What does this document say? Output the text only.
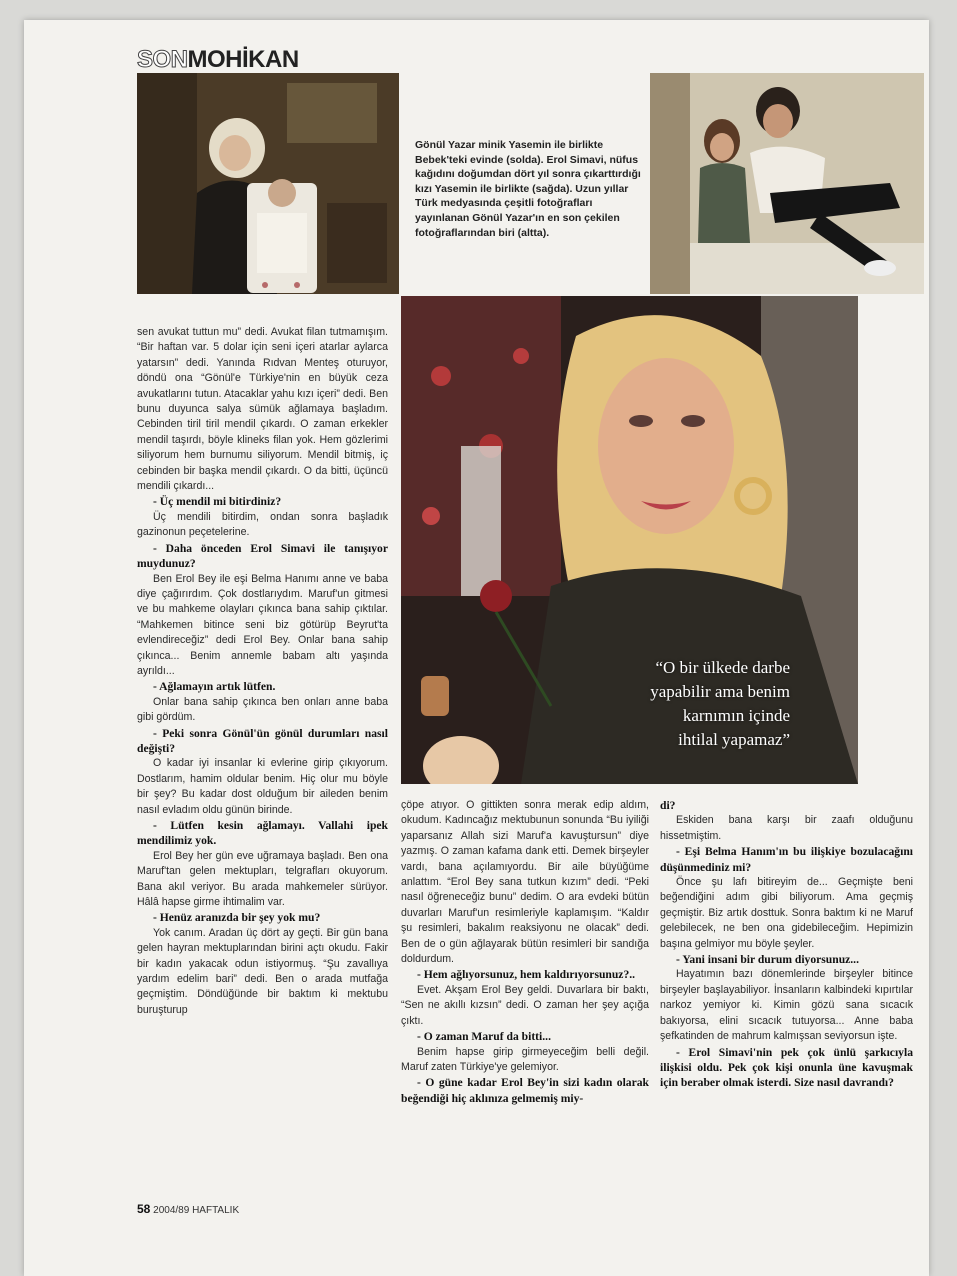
SON MOHİKAN
Gönül Yazar minik Yasemin ile birlikte Bebek'teki evinde (solda). Erol Simavi, nüfus kağıdını doğumdan dört yıl sonra çıkarttırdığı kızı Yasemin ile birlikte (sağda). Uzun yıllar Türk medyasında çeşitli fotoğrafları yayınlanan Gönül Yazar'ın en son çekilen fotoğraflarından biri (altta).
“O bir ülkede darbe
yapabilir ama benim
karnımın içinde
ihtilal yapamaz”

sen avukat tuttun mu” dedi. Avukat filan tutmamışım. “Bir haftan var. 5 dolar için seni içeri atarlar aylarca yatarsın” dedi. Yanında Rıdvan Menteş oturuyor, döndü ona “Gönül'e Türkiye'nin en büyük ceza avukatlarını tutun. Atacaklar yahu kızı içeri” dedi. Ben bunu duyunca salya sümük ağlamaya başladım. Cebinden tiril tiril mendil çıkardı. O zaman erkekler mendil taşırdı, böyle klineks filan yok. Hem gözlerimi siliyorum hem burnumu siliyorum. Mendil bitmiş, iç cebinden bir başka mendil çıkardı. O da bitti, üçüncü mendili çıkardı...

- Üç mendil mi bitirdiniz?

Üç mendili bitirdim, ondan sonra başladık gazinonun peçetelerine.

- Daha önceden Erol Simavi ile tanışıyor muydunuz?

Ben Erol Bey ile eşi Belma Hanımı anne ve baba diye çağırırdım. Çok dostlarıydım. Maruf'un gitmesi ve bu mahkeme olayları çıkınca bana sahip çıktılar. “Mahkemen bitince seni biz götürüp Beyrut'ta evlendireceğiz” dedi Erol Bey. Onlar bana sahip çıkınca... Benim annemle babam altı yaşında ayrıldı...

- Ağlamayın artık lütfen.

Onlar bana sahip çıkınca ben onları anne baba gibi gördüm.

- Peki sonra Gönül'ün gönül durumları nasıl değişti?

O kadar iyi insanlar ki evlerine girip çıkıyorum. Dostlarım, hamim oldular benim. Hiç olur mu böyle bir şey? Bu kadar dost olduğum bir aileden benim nasıl evladım oldu günün birinde.

- Lütfen kesin ağlamayı. Vallahi ipek mendilimiz yok.

Erol Bey her gün eve uğramaya başladı. Ben ona Maruf'tan gelen mektupları, telgrafları okuyorum. Bana akıl veriyor. Bu arada mahkemeler sürüyor. Hâlâ hapse girme ihtimalim var.

- Henüz aranızda bir şey yok mu?

Yok canım. Aradan üç dört ay geçti. Bir gün bana gelen hayran mektuplarından birini açtı okudu. Fakir bir kadın yakacak odun istiyormuş. “Şu zavallıya yardım edelim bari” dedi. Ben o arada mutfağa geçmiştim. Döndüğünde bir baktım ki mektubu buruşturup

çöpe atıyor. O gittikten sonra merak edip aldım, okudum. Kadıncağız mektubunun sonunda “Bu iyiliği yaparsanız Allah sizi Maruf'a kavuştursun” diye yazmış. O zaman kafama dank etti. Demek birşeyler vardı, bana açılamıyordu. Bir aile büyüğüme anlattım. “Erol Bey sana tutkun kızım” dedi. “Peki nasıl öğreneceğiz bunu” dedim. O ara evdeki bütün duvarları Maruf'un resimleriyle kaplamışım. “Kaldır şu resimleri, bakalım reaksiyonu ne olacak” dedi. Ben de o gün ağlayarak bütün resimleri bir sandığa doldurdum.

- Hem ağlıyorsunuz, hem kaldırıyorsunuz?..

Evet. Akşam Erol Bey geldi. Duvarlara bir baktı, “Sen ne akıllı kızsın” dedi. O zaman her şey açığa çıktı.

- O zaman Maruf da bitti...

Benim hapse girip girmeyeceğim belli değil. Maruf zaten Türkiye'ye gelemiyor.

- O güne kadar Erol Bey'in sizi kadın olarak beğendiği hiç aklınıza gelmemiş miy-

di?

Eskiden bana karşı bir zaafı olduğunu hissetmiştim.

- Eşi Belma Hanım'ın bu ilişkiye bozulacağını düşünmediniz mi?

Önce şu lafı bitireyim de... Geçmişte beni beğendiğini adım gibi biliyorum. Ama geçmiş geçmiştir. Biz artık dosttuk. Sonra baktım ki ne Maruf gelebilecek, ne ben ona gidebileceğim. Hepimizin başına gelmiyor mu böyle şeyler.

- Yani insani bir durum diyorsunuz...

Hayatımın bazı dönemlerinde birşeyler bitince birşeyler başlayabiliyor. İnsanların kalbindeki kıpırtılar narkoz yemiyor ki. Kimin gözü sana sıcacık bakıyorsa, elini sıcacık tutuyorsa... Anne baba şefkatinden de mahrum kalmışsan seviyorsun işte.

- Erol Simavi'nin pek çok ünlü şarkıcıyla ilişkisi oldu. Pek çok kişi onunla üne kavuşmak için beraber olmak isterdi. Size nasıl davrandı?

58 2004/89 HAFTALIK
